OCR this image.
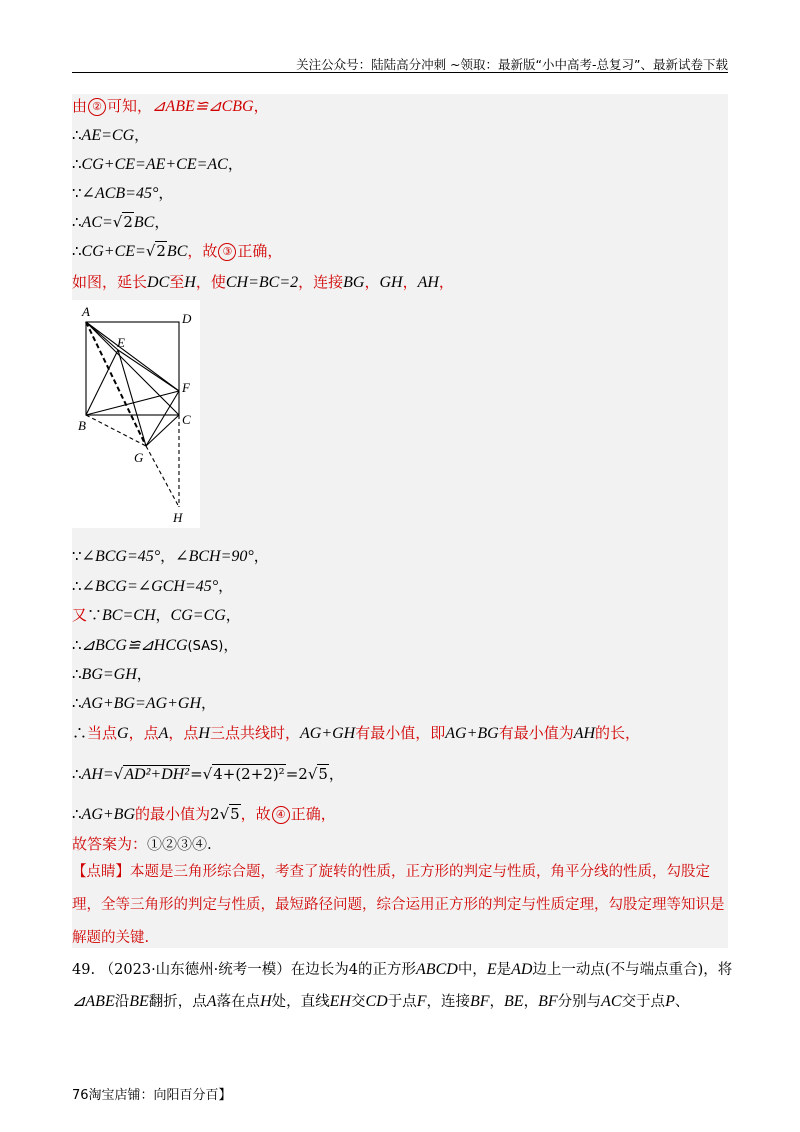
关注公众号：陆陆高分冲刺 ~领取：最新版“小中高考-总复习”、最新试卷下载
由 ② 可知，⊿ABE≌⊿CBG，
∴AE=CG，
∴CG+CE=AE+CE=AC，
∵∠ACB=45°，
∴AC=√2BC，
∴CG+CE=√2BC，故 ③ 正确，
如图，延长DC至H，使CH=BC=2，连接BG，GH，AH，
A	D
E
F
B	C
G
H
∵∠BCG=45°，∠BCH=90°，
∴∠BCG=∠GCH=45°，
又∵BC=CH，CG=CG，
∴⊿BCG≌⊿HCG(SAS)，
∴BG=GH，
∴AG+BG=AG+GH，
∴当点G，点A，点H三点共线时，AG+GH有最小值，即AG+BG有最小值为AH的长，
∴AH=√AD²+DH²=√4+(2+2)²=2√5，
∴AG+BG的最小值为2√5，故 ④ 正确，
故答案为：①②③④.
【点睛】本题是三角形综合题，考查了旋转的性质，正方形的判定与性质，角平分线的性质，勾股定理，全等三角形的判定与性质，最短路径问题，综合运用正方形的判定与性质定理，勾股定理等知识是解题的关键.
49. （2023·山东德州·统考一模）在边长为4的正方形ABCD中，E是AD边上一动点(不与端点重合)，将
⊿ABE沿BE翻折，点A落在点H处，直线EH交CD于点F，连接BF，BE，BF分别与AC交于点P、
76淘宝店铺：向阳百分百】
